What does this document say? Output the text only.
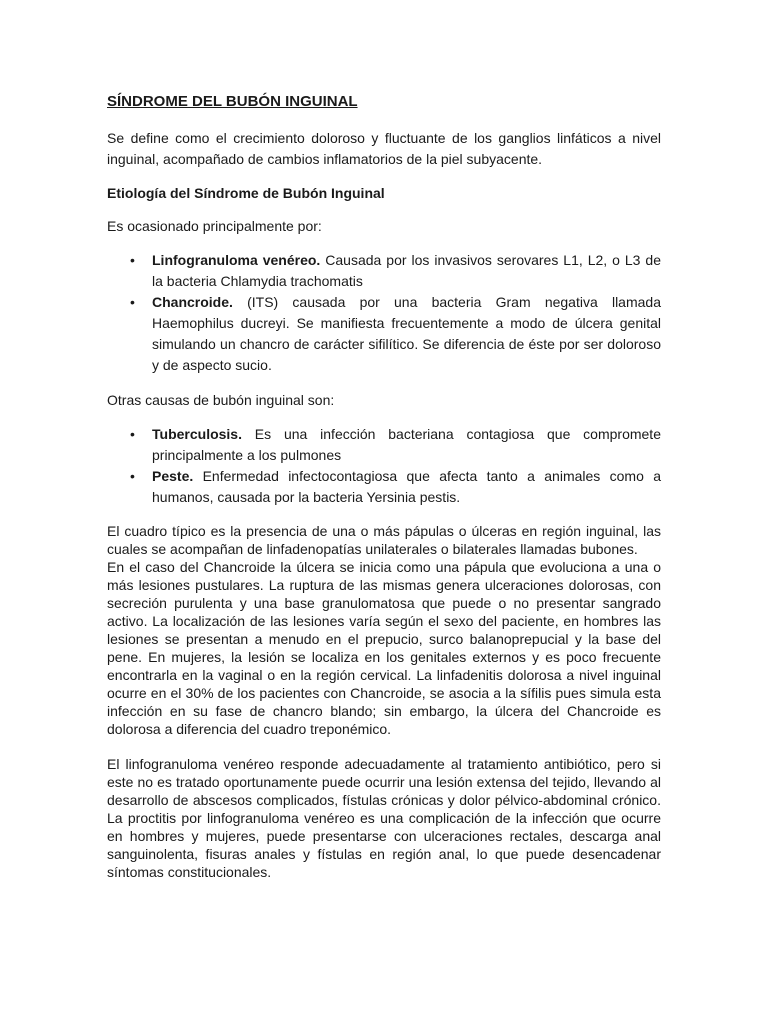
SÍNDROME DEL BUBÓN INGUINAL

Se define como el crecimiento doloroso y fluctuante de los ganglios linfáticos a nivel inguinal, acompañado de cambios inflamatorios de la piel subyacente.

Etiología del Síndrome de Bubón Inguinal

Es ocasionado principalmente por:

• Linfogranuloma venéreo. Causada por los invasivos serovares L1, L2, o L3 de la bacteria Chlamydia trachomatis
• Chancroide. (ITS) causada por una bacteria Gram negativa llamada Haemophilus ducreyi. Se manifiesta frecuentemente a modo de úlcera genital simulando un chancro de carácter sifilítico. Se diferencia de éste por ser doloroso y de aspecto sucio.

Otras causas de bubón inguinal son:

• Tuberculosis. Es una infección bacteriana contagiosa que compromete principalmente a los pulmones
• Peste. Enfermedad infectocontagiosa que afecta tanto a animales como a humanos, causada por la bacteria Yersinia pestis.

El cuadro típico es la presencia de una o más pápulas o úlceras en región inguinal, las cuales se acompañan de linfadenopatías unilaterales o bilaterales llamadas bubones.

En el caso del Chancroide la úlcera se inicia como una pápula que evoluciona a una o más lesiones pustulares. La ruptura de las mismas genera ulceraciones dolorosas, con secreción purulenta y una base granulomatosa que puede o no presentar sangrado activo. La localización de las lesiones varía según el sexo del paciente, en hombres las lesiones se presentan a menudo en el prepucio, surco balanoprepucial y la base del pene. En mujeres, la lesión se localiza en los genitales externos y es poco frecuente encontrarla en la vaginal o en la región cervical. La linfadenitis dolorosa a nivel inguinal ocurre en el 30% de los pacientes con Chancroide, se asocia a la sífilis pues simula esta infección en su fase de chancro blando; sin embargo, la úlcera del Chancroide es dolorosa a diferencia del cuadro treponémico.

El linfogranuloma venéreo responde adecuadamente al tratamiento antibiótico, pero si este no es tratado oportunamente puede ocurrir una lesión extensa del tejido, llevando al desarrollo de abscesos complicados, fístulas crónicas y dolor pélvico-abdominal crónico. La proctitis por linfogranuloma venéreo es una complicación de la infección que ocurre en hombres y mujeres, puede presentarse con ulceraciones rectales, descarga anal sanguinolenta, fisuras anales y fístulas en región anal, lo que puede desencadenar síntomas constitucionales.
